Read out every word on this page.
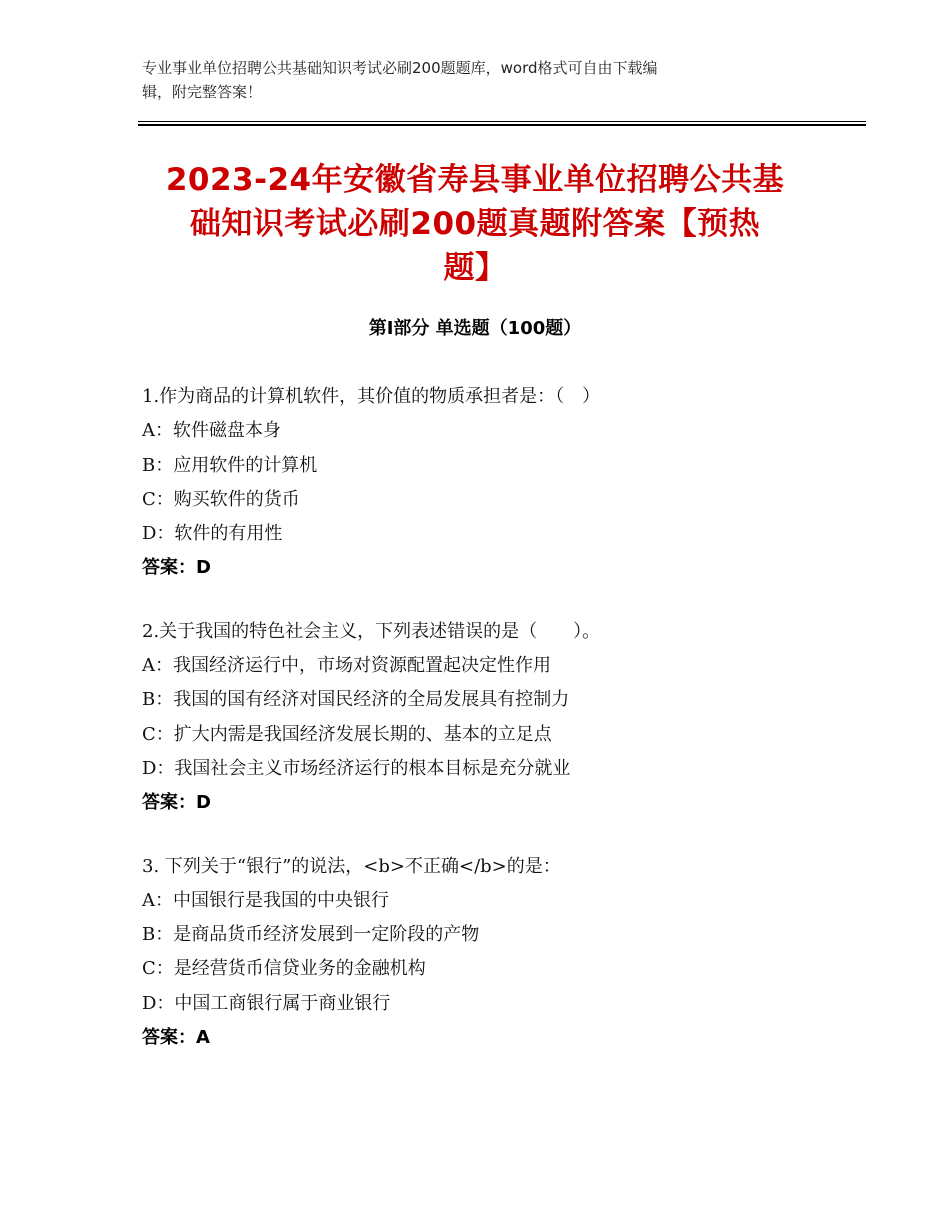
专业事业单位招聘公共基础知识考试必刷200题题库，word格式可自由下载编
辑，附完整答案！
2023-24年安徽省寿县事业单位招聘公共基
础知识考试必刷200题真题附答案【预热
题】
第Ⅰ部分 单选题（100题）
1.作为商品的计算机软件，其价值的物质承担者是：（　）
A：软件磁盘本身
B：应用软件的计算机
C：购买软件的货币
D：软件的有用性
答案：D
2.关于我国的特色社会主义，下列表述错误的是（　　）。
A：我国经济运行中，市场对资源配置起决定性作用
B：我国的国有经济对国民经济的全局发展具有控制力
C：扩大内需是我国经济发展长期的、基本的立足点
D：我国社会主义市场经济运行的根本目标是充分就业
答案：D
3. 下列关于“银行”的说法，<b>不正确</b>的是：
A：中国银行是我国的中央银行
B：是商品货币经济发展到一定阶段的产物
C：是经营货币信贷业务的金融机构
D：中国工商银行属于商业银行
答案：A
